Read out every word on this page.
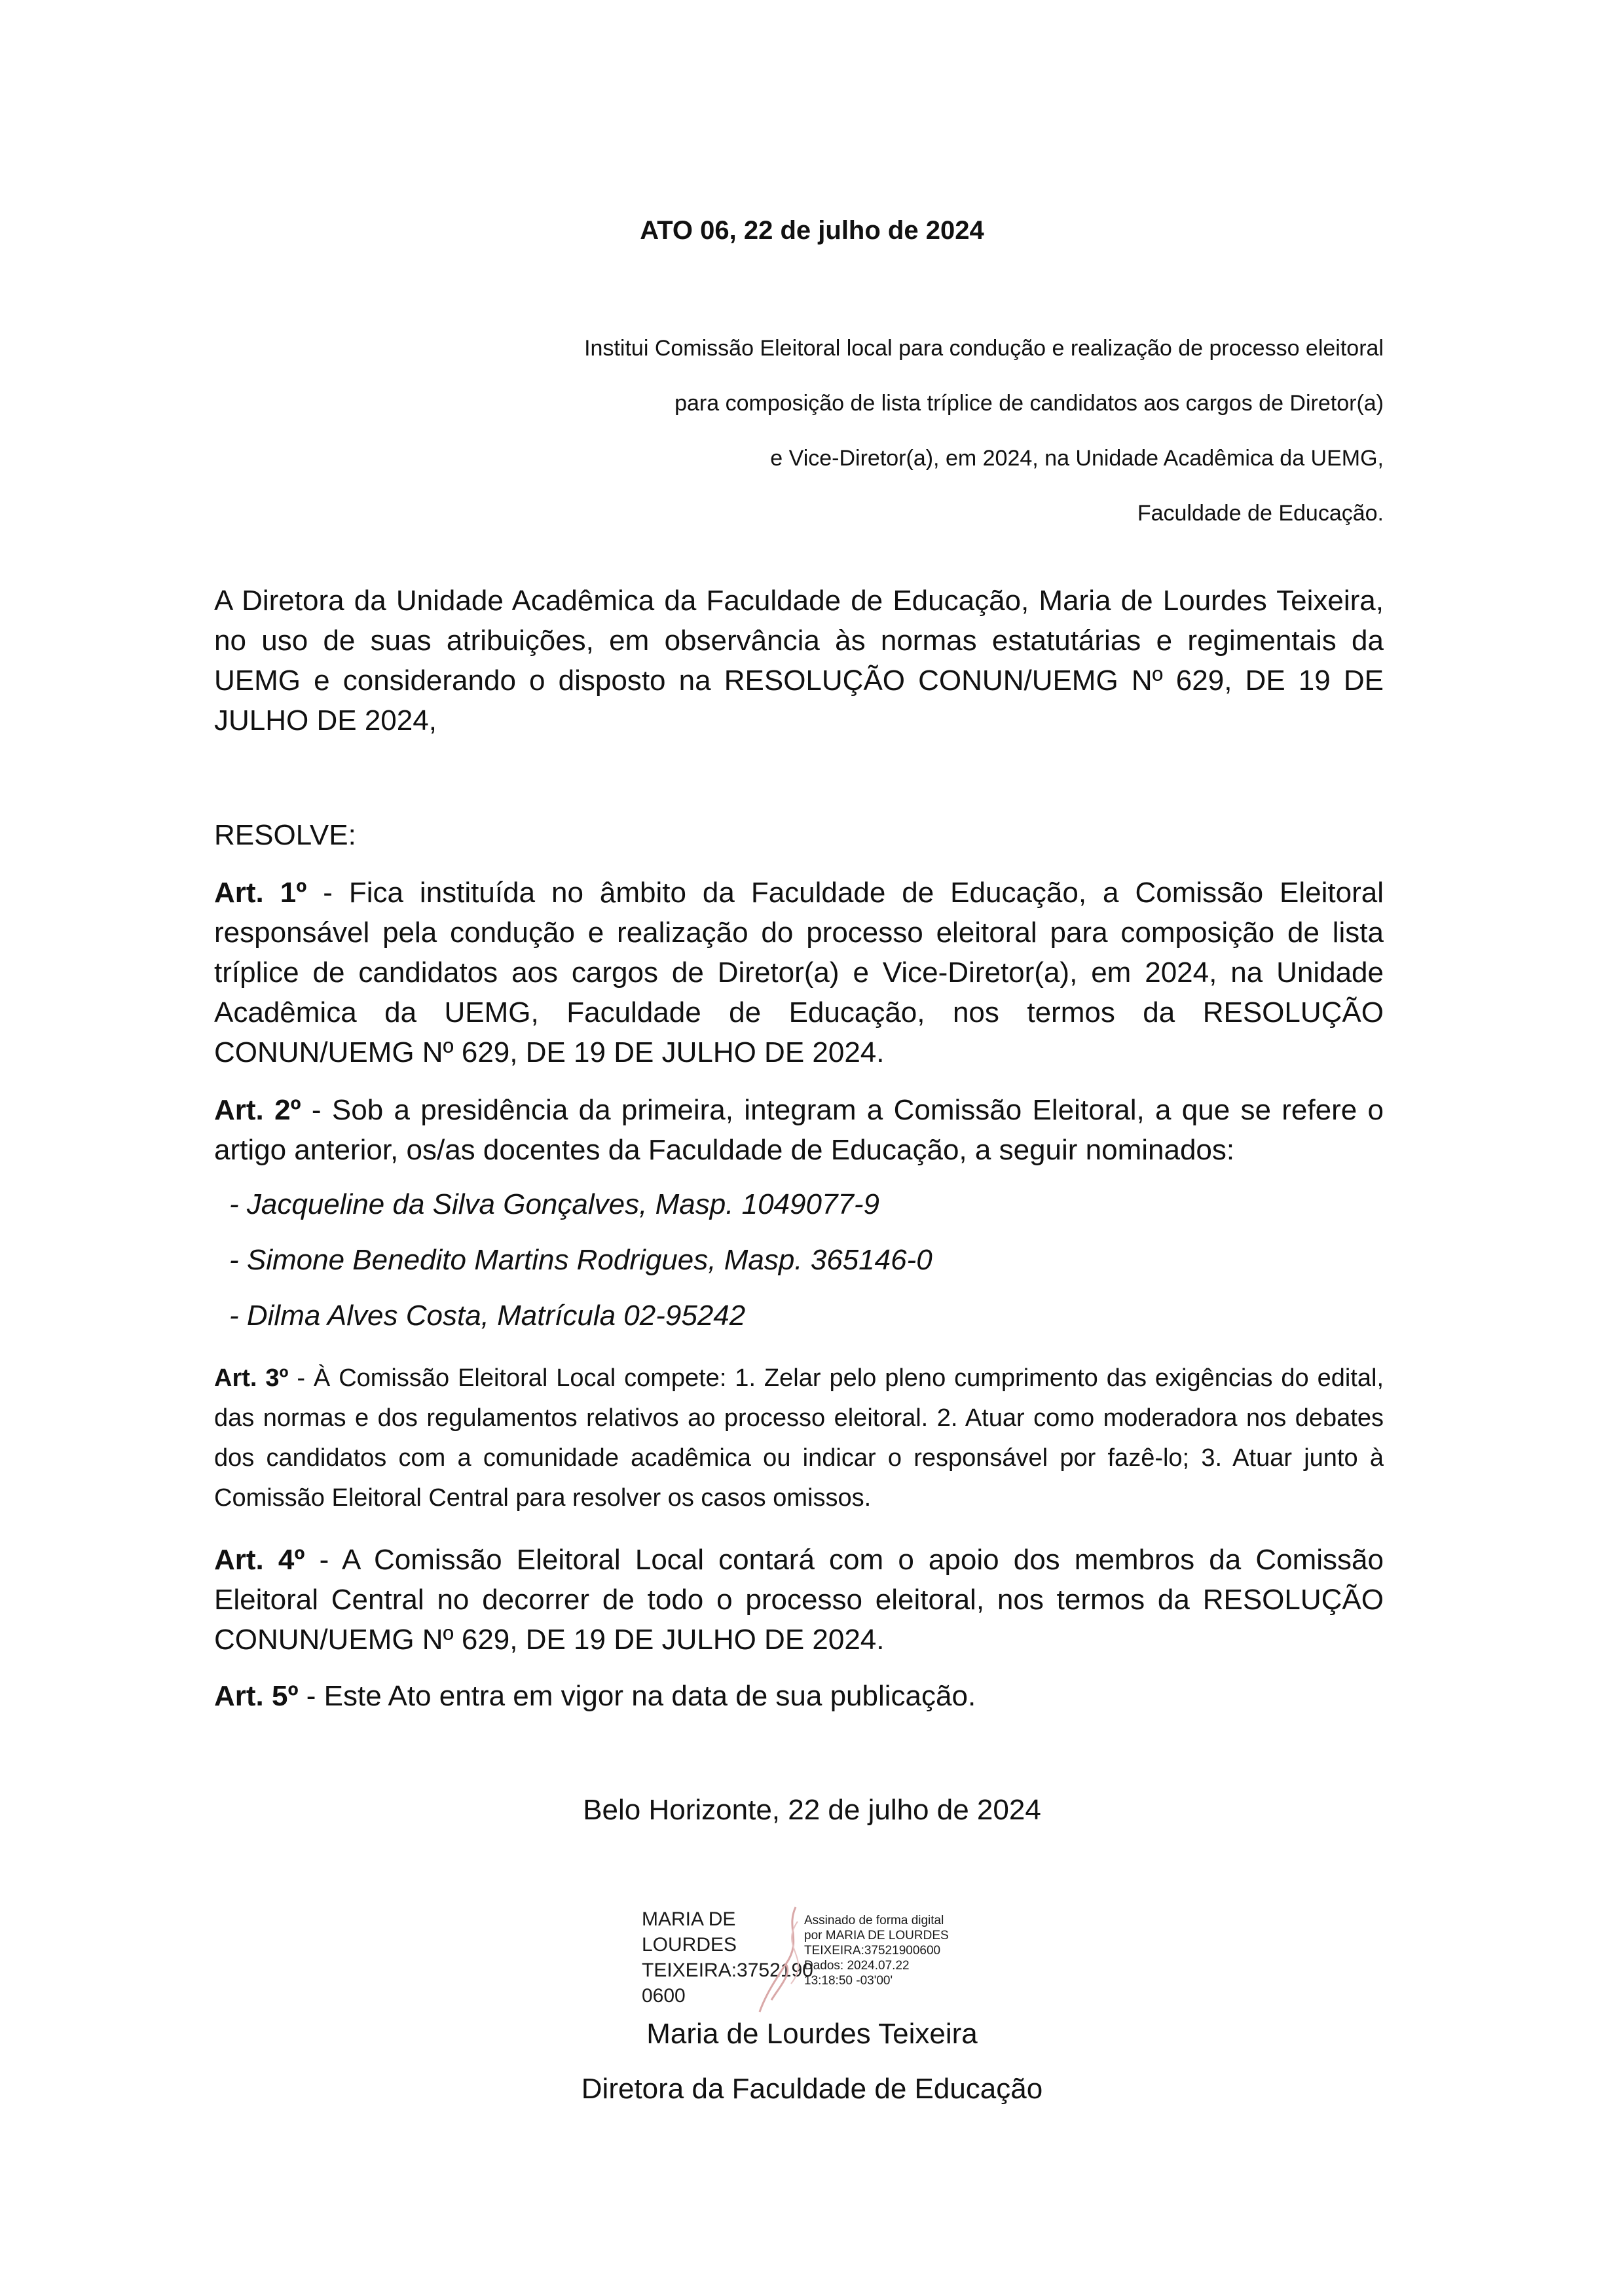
ATO 06, 22 de julho de 2024
Institui Comissão Eleitoral local para condução e realização de processo eleitoral
para composição de lista tríplice de candidatos aos cargos de Diretor(a)
e Vice-Diretor(a), em 2024, na Unidade Acadêmica da UEMG,
Faculdade de Educação.
A Diretora da Unidade Acadêmica da Faculdade de Educação, Maria de Lourdes Teixeira, no uso de suas atribuições, em observância às normas estatutárias e regimentais da UEMG e considerando o disposto na RESOLUÇÃO CONUN/UEMG Nº 629, DE 19 DE JULHO DE 2024,
RESOLVE:
Art. 1º - Fica instituída no âmbito da Faculdade de Educação, a Comissão Eleitoral responsável pela condução e realização do processo eleitoral para composição de lista tríplice de candidatos aos cargos de Diretor(a) e Vice-Diretor(a), em 2024, na Unidade Acadêmica da UEMG, Faculdade de Educação, nos termos da RESOLUÇÃO CONUN/UEMG Nº 629, DE 19 DE JULHO DE 2024.
Art. 2º - Sob a presidência da primeira, integram a Comissão Eleitoral, a que se refere o artigo anterior, os/as docentes da Faculdade de Educação, a seguir nominados:
- Jacqueline da Silva Gonçalves, Masp. 1049077-9
- Simone Benedito Martins Rodrigues, Masp. 365146-0
- Dilma Alves Costa, Matrícula 02-95242
Art. 3º - À Comissão Eleitoral Local compete: 1. Zelar pelo pleno cumprimento das exigências do edital, das normas e dos regulamentos relativos ao processo eleitoral. 2. Atuar como moderadora nos debates dos candidatos com a comunidade acadêmica ou indicar o responsável por fazê-lo; 3. Atuar junto à Comissão Eleitoral Central para resolver os casos omissos.
Art. 4º - A Comissão Eleitoral Local contará com o apoio dos membros da Comissão Eleitoral Central no decorrer de todo o processo eleitoral, nos termos da RESOLUÇÃO CONUN/UEMG Nº 629, DE 19 DE JULHO DE 2024.
Art. 5º - Este Ato entra em vigor na data de sua publicação.
Belo Horizonte, 22 de julho de 2024
MARIA DE
LOURDES
TEIXEIRA:3752190
0600
Assinado de forma digital
por MARIA DE LOURDES
TEIXEIRA:37521900600
Dados: 2024.07.22
13:18:50 -03'00'
Maria de Lourdes Teixeira
Diretora da Faculdade de Educação
